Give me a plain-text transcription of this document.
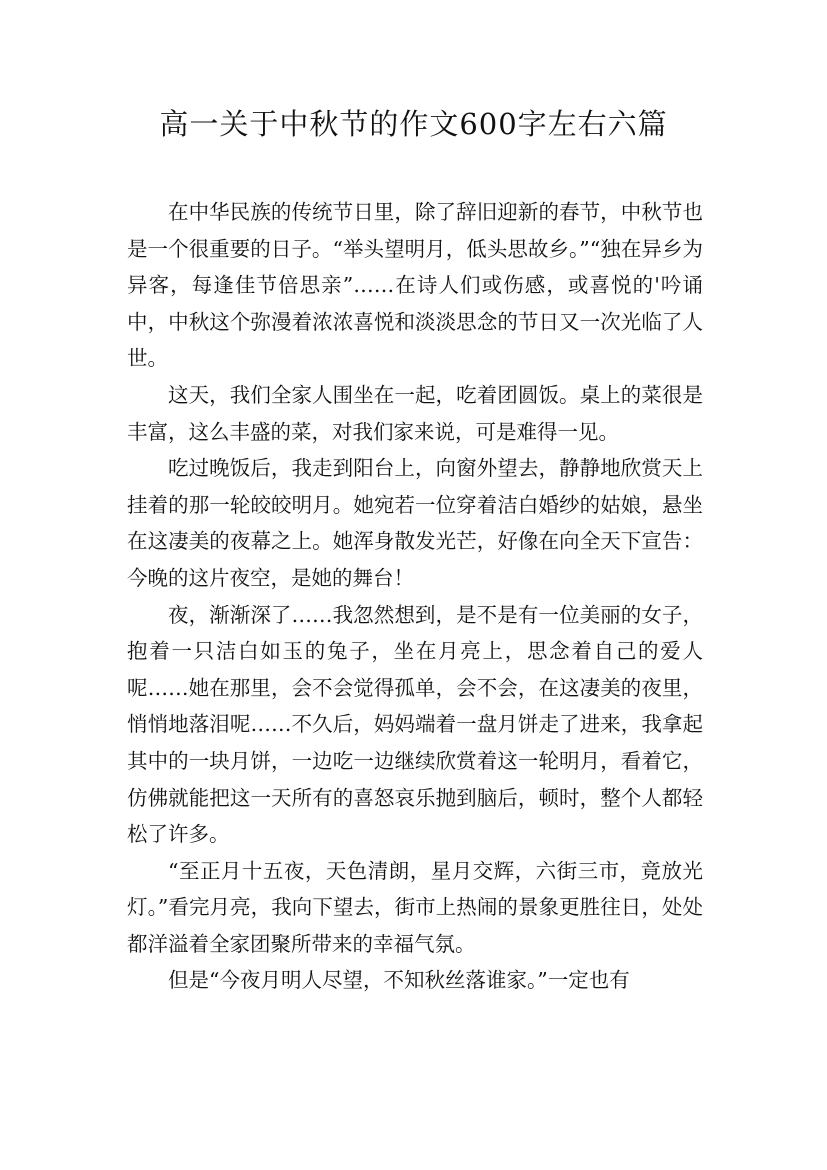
高一关于中秋节的作文600字左右六篇

在中华民族的传统节日里，除了辞旧迎新的春节，中秋节也是一个很重要的日子。“举头望明月，低头思故乡。”“独在异乡为异客，每逢佳节倍思亲”……在诗人们或伤感，或喜悦的'吟诵中，中秋这个弥漫着浓浓喜悦和淡淡思念的节日又一次光临了人世。

这天，我们全家人围坐在一起，吃着团圆饭。桌上的菜很是丰富，这么丰盛的菜，对我们家来说，可是难得一见。

吃过晚饭后，我走到阳台上，向窗外望去，静静地欣赏天上挂着的那一轮皎皎明月。她宛若一位穿着洁白婚纱的姑娘，悬坐在这凄美的夜幕之上。她浑身散发光芒，好像在向全天下宣告：今晚的这片夜空，是她的舞台！

夜，渐渐深了……我忽然想到，是不是有一位美丽的女子，抱着一只洁白如玉的兔子，坐在月亮上，思念着自己的爱人呢……她在那里，会不会觉得孤单，会不会，在这凄美的夜里，悄悄地落泪呢……不久后，妈妈端着一盘月饼走了进来，我拿起其中的一块月饼，一边吃一边继续欣赏着这一轮明月，看着它，仿佛就能把这一天所有的喜怒哀乐抛到脑后，顿时，整个人都轻松了许多。

“至正月十五夜，天色清朗，星月交辉，六街三市，竟放光灯。”看完月亮，我向下望去，街市上热闹的景象更胜往日，处处都洋溢着全家团聚所带来的幸福气氛。

但是“今夜月明人尽望，不知秋丝落谁家。”一定也有
